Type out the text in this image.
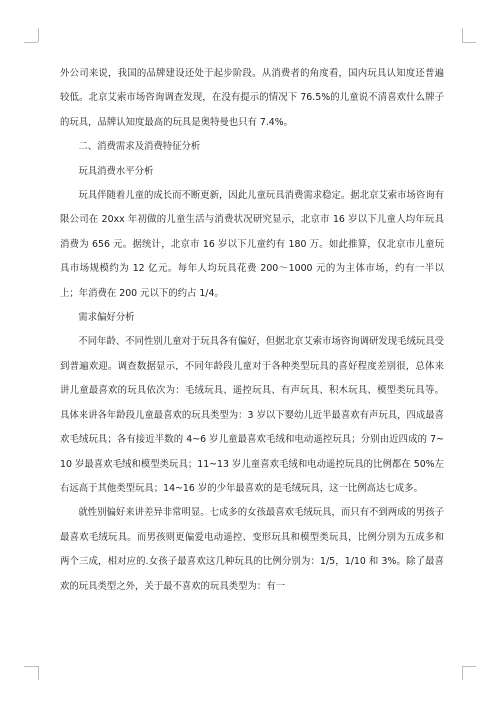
外公司来说，我国的品牌建设还处于起步阶段。从消费者的角度看，国内玩具认知度还普遍较低。北京艾索市场咨询调查发现，在没有提示的情况下 76.5%的儿童说不清喜欢什么牌子的玩具，品牌认知度最高的玩具是奥特曼也只有 7.4%。

二、消费需求及消费特征分析

玩具消费水平分析

玩具伴随着儿童的成长而不断更新，因此儿童玩具消费需求稳定。据北京艾索市场咨询有限公司在 20xx 年初做的儿童生活与消费状况研究显示，北京市 16 岁以下儿童人均年玩具消费为 656 元。据统计，北京市 16 岁以下儿童约有 180 万。如此推算，仅北京市儿童玩具市场规模约为 12 亿元。每年人均玩具花费 200～1000 元的为主体市场，约有一半以上；年消费在 200 元以下的约占 1/4。

需求偏好分析

不同年龄、不同性别儿童对于玩具各有偏好，但据北京艾索市场咨询调研发现毛绒玩具受到普遍欢迎。调查数据显示，不同年龄段儿童对于各种类型玩具的喜好程度差别很，总体来讲儿童最喜欢的玩具依次为：毛绒玩具、遥控玩具、有声玩具、积木玩具、模型类玩具等。具体来讲各年龄段儿童最喜欢的玩具类型为：3 岁以下婴幼儿近半最喜欢有声玩具，四成最喜欢毛绒玩具；各有接近半数的 4~6 岁儿童最喜欢毛绒和电动遥控玩具；分别由近四成的 7~10 岁最喜欢毛绒和模型类玩具；11~13 岁儿童喜欢毛绒和电动遥控玩具的比例都在 50%左右远高于其他类型玩具；14~16 岁的少年最喜欢的是毛绒玩具，这一比例高达七成多。

就性别偏好来讲差异非常明显。七成多的女孩最喜欢毛绒玩具，而只有不到两成的男孩子最喜欢毛绒玩具。而男孩则更偏爱电动遥控、变形玩具和模型类玩具，比例分别为五成多和两个三成，相对应的.女孩子最喜欢这几种玩具的比例分别为：1/5，1/10 和 3%。除了最喜欢的玩具类型之外，关于最不喜欢的玩具类型为：有一
